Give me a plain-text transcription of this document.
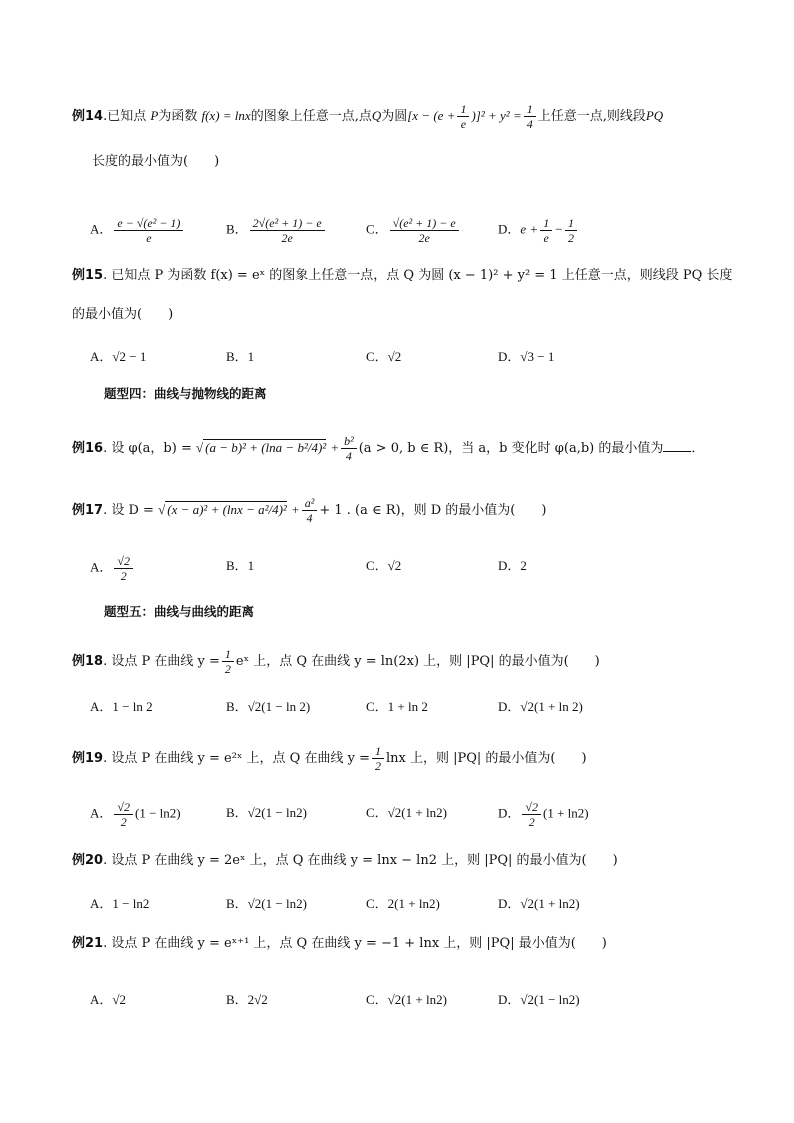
例14.已知点 P为函数 f(x) = lnx的图象上任意一点,点Q为圆$[x - (e + \frac{1}{e} )]^2 + y^2 = \frac{1}{4}$ 上任意一点,则线段PQ
长度的最小值为(　　)
A． $\frac{\text{e − √(e² − 1)}}{e}$	B． $\frac{\text{2√(e² + 1) − e}}{2e}$	C． $\frac{\text{√(e² + 1) − e}}{2e}$	D．$e + \frac{1}{e} - \frac{1}{2}$
例15. 已知点 P 为函数 f(x) = eˣ 的图象上任意一点，点 Q 为圆 (x − 1)² + y² = 1 上任意一点，则线段 PQ 长度
的最小值为(　　)
A．√2 − 1	B．1	C．√2	D．√3 − 1
题型四：曲线与抛物线的距离
例16. 设 φ(a，b) = √ $(a - b)^2 + (\ln a - b^2/4)^2 + \frac{\text{b²}}{4} (a > 0$, b ∈ R)，当 a，b 变化时 φ(a,b) 的最小值为 ．
例17. 设 D = √ $(x - a)^2 + (\ln x - a^2/4)^2 + \frac{\text{a²}}{4} + 1$ . (a ∈ R)，则 D 的最小值为(　　)
A． $\frac{√2}{2}$	B．1	C．√2	D．2
题型五：曲线与曲线的距离
例18. 设点 P 在曲线 $y = \frac{1}{2}$ eˣ 上，点 Q 在曲线 y = ln(2x) 上，则 |PQ| 的最小值为(　　)
A．1 − ln 2	B．√2(1 − ln 2)	C．1 + ln 2	D．√2(1 + ln 2)
例19. 设点 P 在曲线 y = e²ˣ 上，点 Q 在曲线 $y = \frac{1}{2}$ lnx 上，则 |PQ| 的最小值为(　　)
A． $\frac{√2}{2} (1 - \ln 2)$	B．√2(1 − ln2)	C．√2(1 + ln2)	D． $\frac{√2}{2} (1 + \ln 2)$
例20. 设点 P 在曲线 y = 2eˣ 上，点 Q 在曲线 y = lnx − ln2 上，则 |PQ| 的最小值为(　　)
A．1 − ln2	B．√2(1 − ln2)	C．2(1 + ln2)	D．√2(1 + ln2)
例21. 设点 P 在曲线 y = eˣ⁺¹ 上，点 Q 在曲线 y = −1 + lnx 上，则 |PQ| 最小值为(　　)
A．√2	B．2√2	C．√2(1 + ln2)	D．√2(1 − ln2)
